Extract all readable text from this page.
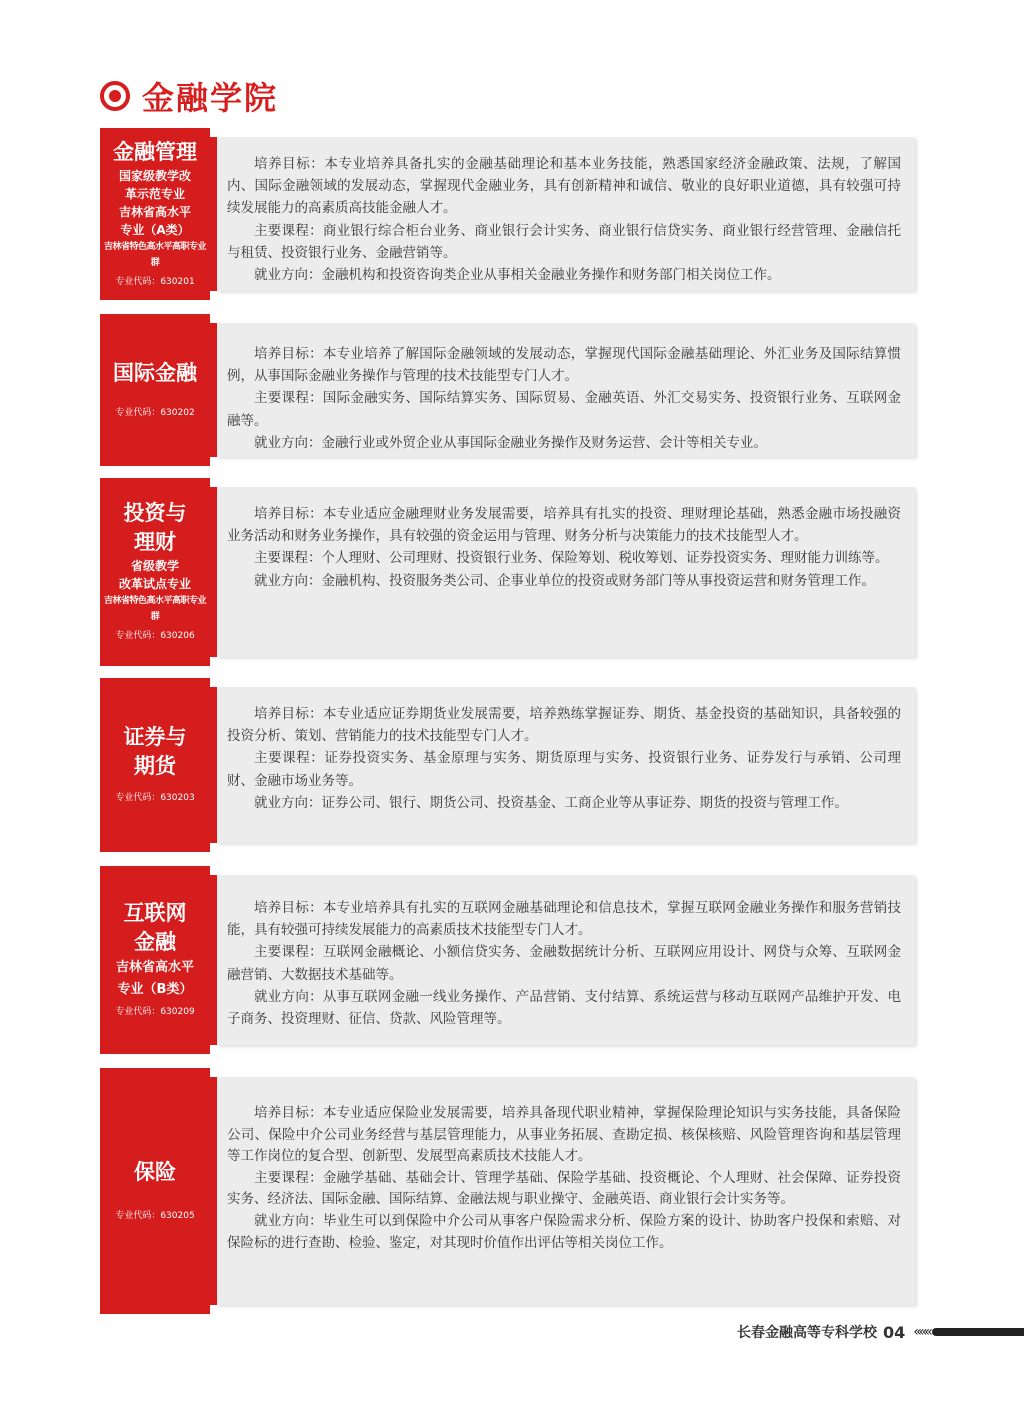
金融学院
金融管理
国家级教学改
革示范专业
吉林省高水平
专业（A类）
吉林省特色高水平高职专业群
专业代码：630201

培养目标：本专业培养具备扎实的金融基础理论和基本业务技能，熟悉国家经济金融政策、法规，了解国内、国际金融领域的发展动态，掌握现代金融业务，具有创新精神和诚信、敬业的良好职业道德，具有较强可持续发展能力的高素质高技能金融人才。

主要课程：商业银行综合柜台业务、商业银行会计实务、商业银行信贷实务、商业银行经营管理、金融信托与租赁、投资银行业务、金融营销等。

就业方向：金融机构和投资咨询类企业从事相关金融业务操作和财务部门相关岗位工作。

国际金融
专业代码：630202

培养目标：本专业培养了解国际金融领域的发展动态，掌握现代国际金融基础理论、外汇业务及国际结算惯例，从事国际金融业务操作与管理的技术技能型专门人才。

主要课程：国际金融实务、国际结算实务、国际贸易、金融英语、外汇交易实务、投资银行业务、互联网金融等。

就业方向：金融行业或外贸企业从事国际金融业务操作及财务运营、会计等相关专业。

投资与
理财
省级教学
改革试点专业
吉林省特色高水平高职专业群
专业代码：630206

培养目标：本专业适应金融理财业务发展需要，培养具有扎实的投资、理财理论基础，熟悉金融市场投融资业务活动和财务业务操作，具有较强的资金运用与管理、财务分析与决策能力的技术技能型人才。

主要课程：个人理财、公司理财、投资银行业务、保险筹划、税收筹划、证券投资实务、理财能力训练等。

就业方向：金融机构、投资服务类公司、企事业单位的投资或财务部门等从事投资运营和财务管理工作。

证券与
期货
专业代码：630203

培养目标：本专业适应证券期货业发展需要，培养熟练掌握证券、期货、基金投资的基础知识，具备较强的投资分析、策划、营销能力的技术技能型专门人才。

主要课程：证券投资实务、基金原理与实务、期货原理与实务、投资银行业务、证券发行与承销、公司理财、金融市场业务等。

就业方向：证券公司、银行、期货公司、投资基金、工商企业等从事证券、期货的投资与管理工作。

互联网
金融
吉林省高水平
专业（B类）
专业代码：630209

培养目标：本专业培养具有扎实的互联网金融基础理论和信息技术，掌握互联网金融业务操作和服务营销技能，具有较强可持续发展能力的高素质技术技能型专门人才。

主要课程：互联网金融概论、小额信贷实务、金融数据统计分析、互联网应用设计、网贷与众筹、互联网金融营销、大数据技术基础等。

就业方向：从事互联网金融一线业务操作、产品营销、支付结算、系统运营与移动互联网产品维护开发、电子商务、投资理财、征信、贷款、风险管理等。

保险
专业代码：630205

培养目标：本专业适应保险业发展需要，培养具备现代职业精神，掌握保险理论知识与实务技能，具备保险公司、保险中介公司业务经营与基层管理能力，从事业务拓展、查勘定损、核保核赔、风险管理咨询和基层管理等工作岗位的复合型、创新型、发展型高素质技术技能人才。

主要课程：金融学基础、基础会计、管理学基础、保险学基础、投资概论、个人理财、社会保障、证券投资实务、经济法、国际金融、国际结算、金融法规与职业操守、金融英语、商业银行会计实务等。

就业方向：毕业生可以到保险中介公司从事客户保险需求分析、保险方案的设计、协助客户投保和索赔、对保险标的进行查勘、检验、鉴定，对其现时价值作出评估等相关岗位工作。

长春金融高等专科学校 04 «««
